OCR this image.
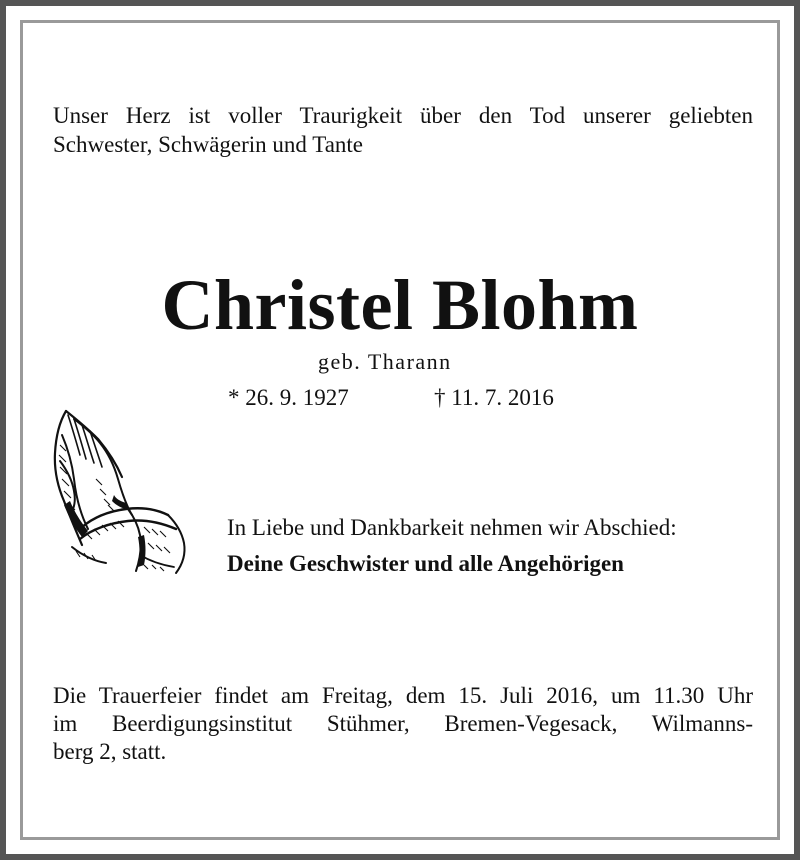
Unser Herz ist voller Traurigkeit über den Tod unserer geliebten
Schwester, Schwägerin und Tante
Christel Blohm
geb. Tharann
* 26. 9. 1927	† 11. 7. 2016
In Liebe und Dankbarkeit nehmen wir Abschied:
Deine Geschwister und alle Angehörigen
Die Trauerfeier findet am Freitag, dem 15. Juli 2016, um 11.30 Uhr
im Beerdigungsinstitut Stühmer, Bremen-Vegesack, Wilmanns-
berg 2, statt.
